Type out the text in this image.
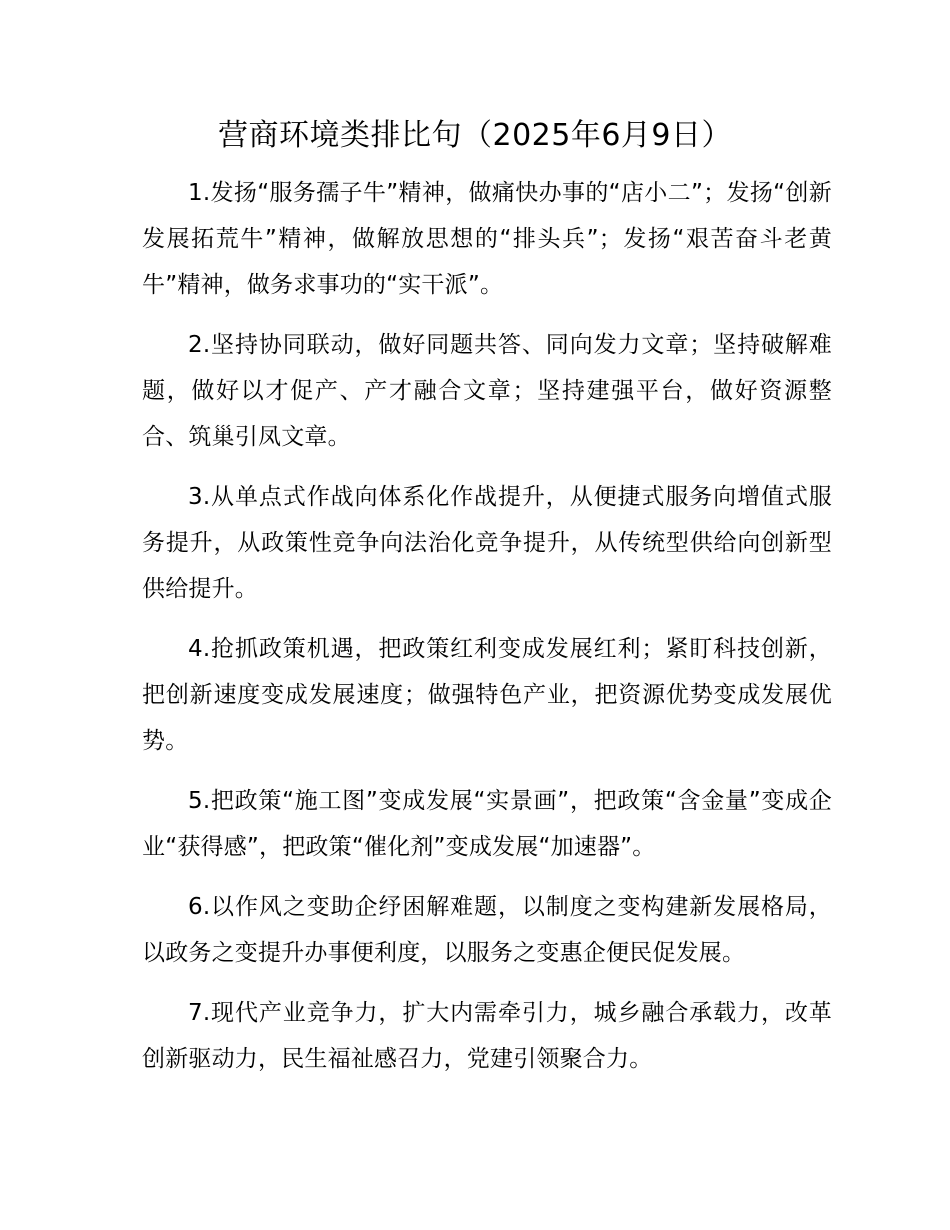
营商环境类排比句（2025年6月9日）

1.发扬“服务孺子牛”精神，做痛快办事的“店小二”；发扬“创新发展拓荒牛”精神，做解放思想的“排头兵”；发扬“艰苦奋斗老黄牛”精神，做务求事功的“实干派”。

2.坚持协同联动，做好同题共答、同向发力文章；坚持破解难题，做好以才促产、产才融合文章；坚持建强平台，做好资源整合、筑巢引凤文章。

3.从单点式作战向体系化作战提升，从便捷式服务向增值式服务提升，从政策性竞争向法治化竞争提升，从传统型供给向创新型供给提升。

4.抢抓政策机遇，把政策红利变成发展红利；紧盯科技创新，把创新速度变成发展速度；做强特色产业，把资源优势变成发展优势。

5.把政策“施工图”变成发展“实景画”，把政策“含金量”变成企业“获得感”，把政策“催化剂”变成发展“加速器”。

6.以作风之变助企纾困解难题，以制度之变构建新发展格局，以政务之变提升办事便利度，以服务之变惠企便民促发展。

7.现代产业竞争力，扩大内需牵引力，城乡融合承载力，改革创新驱动力，民生福祉感召力，党建引领聚合力。
